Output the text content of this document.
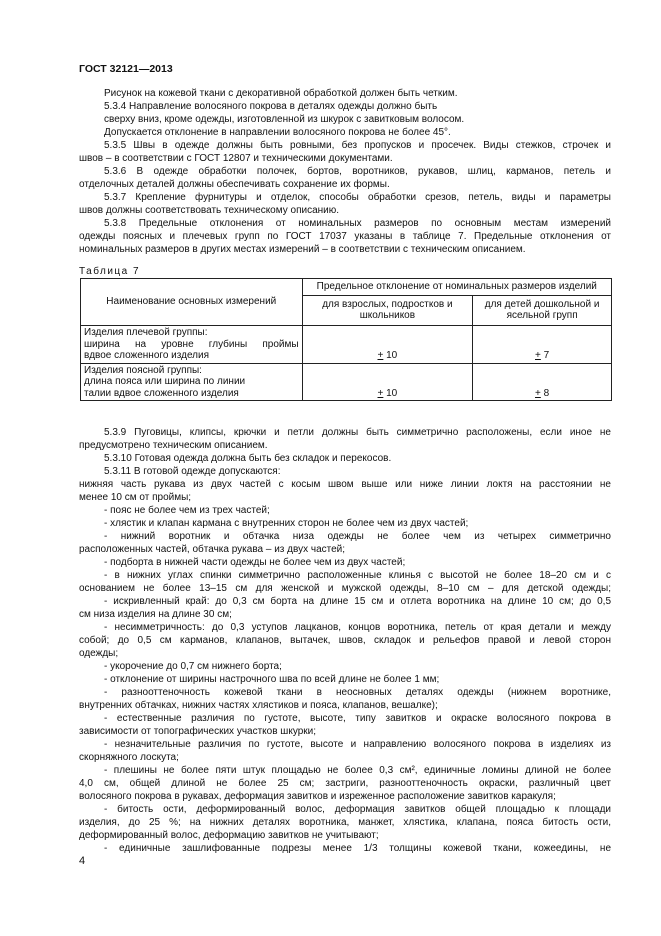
ГОСТ 32121—2013
Рисунок на кожевой ткани с декоративной обработкой должен быть четким.
5.3.4 Направление волосяного покрова в деталях одежды должно быть
сверху вниз, кроме одежды, изготовленной из шкурок с завитковым волосом.
Допускается отклонение в направлении волосяного покрова не более 45°.
5.3.5 Швы в одежде должны быть ровными, без пропусков и просечек. Виды стежков, строчек и
швов – в соответствии с ГОСТ 12807 и техническими документами.
5.3.6 В одежде обработки полочек, бортов, воротников, рукавов, шлиц, карманов, петель и
отделочных деталей должны обеспечивать сохранение их формы.
5.3.7 Крепление фурнитуры и отделок, способы обработки срезов, петель, виды и параметры
швов должны соответствовать техническому описанию.
5.3.8 Предельные отклонения от номинальных размеров по основным местам измерений
одежды поясных и плечевых групп по ГОСТ 17037 указаны в таблице 7. Предельные отклонения от
номинальных размеров в других местах измерений – в соответствии с техническим описанием.
Таблица 7
Наименование основных измерений	Предельное отклонение от номинальных размеров изделий	
	для взрослых, подростков и школьников	для детей дошкольной и ясельной групп

Изделия плечевой группы:
ширина на уровне глубины проймы
вдвое сложенного изделия	+ 10	+ 7

Изделия поясной группы:
длина пояса или ширина по линии
талии вдвое сложенного изделия	+ 10	+ 8
5.3.9 Пуговицы, клипсы, крючки и петли должны быть симметрично расположены, если иное не
предусмотрено техническим описанием.
5.3.10 Готовая одежда должна быть без складок и перекосов.
5.3.11 В готовой одежде допускаются:
нижняя часть рукава из двух частей с косым швом выше или ниже линии локтя на расстоянии не
менее 10 см от проймы;
- пояс не более чем из трех частей;
- хлястик и клапан кармана с внутренних сторон не более чем из двух частей;
- нижний воротник и обтачка низа одежды не более чем из четырех симметрично
расположенных частей, обтачка рукава – из двух частей;
- подборта в нижней части одежды не более чем из двух частей;
- в нижних углах спинки симметрично расположенные клинья с высотой не более 18–20 см и с
основанием не более 13–15 см для женской и мужской одежды, 8–10 см – для детской одежды;
- искривленный край: до 0,3 см борта на длине 15 см и отлета воротника на длине 10 см; до 0,5
см низа изделия на длине 30 см;
- несимметричность: до 0,3 уступов лацканов, концов воротника, петель от края детали и между
собой; до 0,5 см карманов, клапанов, вытачек, швов, складок и рельефов правой и левой сторон
одежды;
- укорочение до 0,7 см нижнего борта;
- отклонение от ширины настрочного шва по всей длине не более 1 мм;
- разнооттеночность кожевой ткани в неосновных деталях одежды (нижнем воротнике,
внутренних обтачках, нижних частях хлястиков и пояса, клапанов, вешалке);
- естественные различия по густоте, высоте, типу завитков и окраске волосяного покрова в
зависимости от топографических участков шкурки;
- незначительные различия по густоте, высоте и направлению волосяного покрова в изделиях из
скорняжного лоскута;
- плешины не более пяти штук площадью не более 0,3 см², единичные ломины длиной не более
4,0 см, общей длиной не более 25 см; застриги, разнооттеночность окраски, различный цвет
волосяного покрова в рукавах, деформация завитков и изреженное расположение завитков каракуля;
- битость ости, деформированный волос, деформация завитков общей площадью к площади
изделия, до 25 %; на нижних деталях воротника, манжет, хлястика, клапана, пояса битость ости,
деформированный волос, деформацию завитков не учитывают;
- единичные зашлифованные подрезы менее 1/3 толщины кожевой ткани, кожеедины, не
4
